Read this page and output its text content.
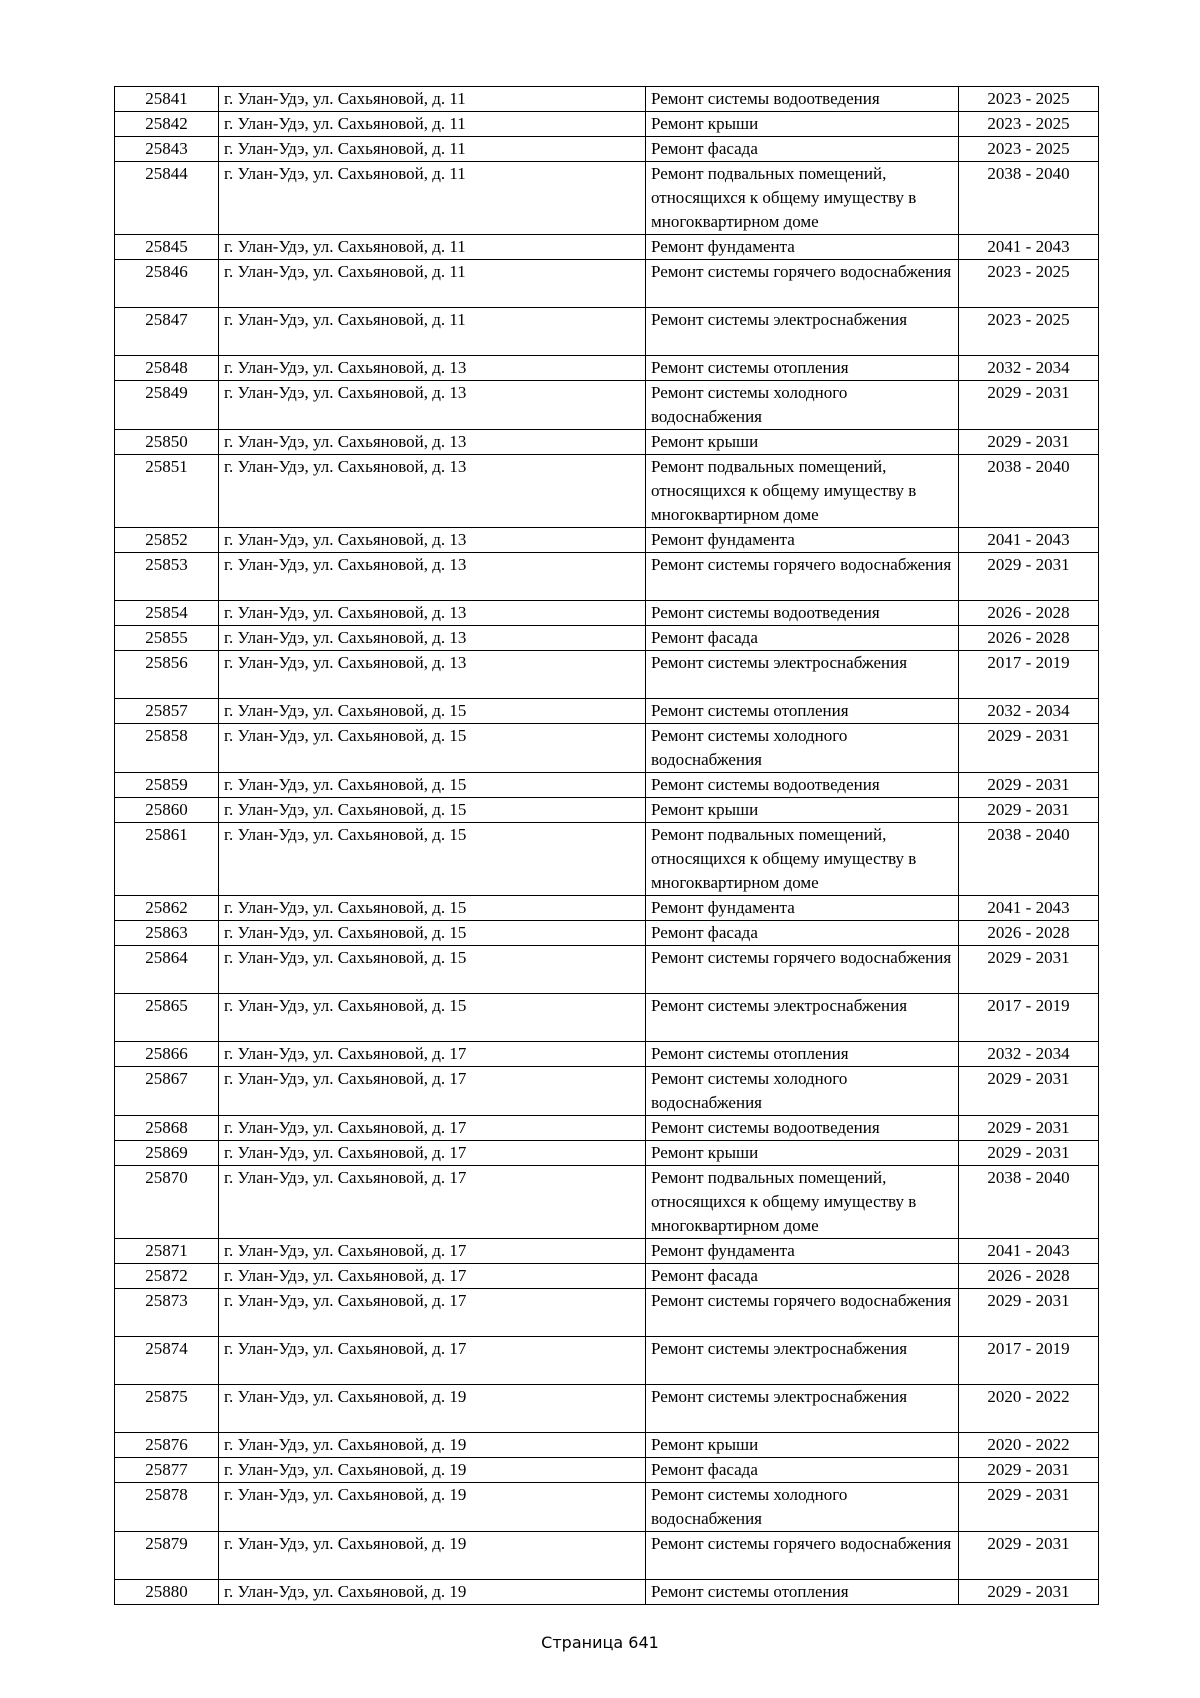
25841	г. Улан-Удэ, ул. Сахьяновой, д. 11	Ремонт системы водоотведения	2023 - 2025
25842	г. Улан-Удэ, ул. Сахьяновой, д. 11	Ремонт крыши	2023 - 2025
25843	г. Улан-Удэ, ул. Сахьяновой, д. 11	Ремонт фасада	2023 - 2025
25844	г. Улан-Удэ, ул. Сахьяновой, д. 11	Ремонт подвальных помещений, относящихся к общему имуществу в многоквартирном доме	2038 - 2040
25845	г. Улан-Удэ, ул. Сахьяновой, д. 11	Ремонт фундамента	2041 - 2043
25846	г. Улан-Удэ, ул. Сахьяновой, д. 11	Ремонт системы горячего водоснабжения	2023 - 2025
25847	г. Улан-Удэ, ул. Сахьяновой, д. 11	Ремонт системы электроснабжения	2023 - 2025
25848	г. Улан-Удэ, ул. Сахьяновой, д. 13	Ремонт системы отопления	2032 - 2034
25849	г. Улан-Удэ, ул. Сахьяновой, д. 13	Ремонт системы холодного водоснабжения	2029 - 2031
25850	г. Улан-Удэ, ул. Сахьяновой, д. 13	Ремонт крыши	2029 - 2031
25851	г. Улан-Удэ, ул. Сахьяновой, д. 13	Ремонт подвальных помещений, относящихся к общему имуществу в многоквартирном доме	2038 - 2040
25852	г. Улан-Удэ, ул. Сахьяновой, д. 13	Ремонт фундамента	2041 - 2043
25853	г. Улан-Удэ, ул. Сахьяновой, д. 13	Ремонт системы горячего водоснабжения	2029 - 2031
25854	г. Улан-Удэ, ул. Сахьяновой, д. 13	Ремонт системы водоотведения	2026 - 2028
25855	г. Улан-Удэ, ул. Сахьяновой, д. 13	Ремонт фасада	2026 - 2028
25856	г. Улан-Удэ, ул. Сахьяновой, д. 13	Ремонт системы электроснабжения	2017 - 2019
25857	г. Улан-Удэ, ул. Сахьяновой, д. 15	Ремонт системы отопления	2032 - 2034
25858	г. Улан-Удэ, ул. Сахьяновой, д. 15	Ремонт системы холодного водоснабжения	2029 - 2031
25859	г. Улан-Удэ, ул. Сахьяновой, д. 15	Ремонт системы водоотведения	2029 - 2031
25860	г. Улан-Удэ, ул. Сахьяновой, д. 15	Ремонт крыши	2029 - 2031
25861	г. Улан-Удэ, ул. Сахьяновой, д. 15	Ремонт подвальных помещений, относящихся к общему имуществу в многоквартирном доме	2038 - 2040
25862	г. Улан-Удэ, ул. Сахьяновой, д. 15	Ремонт фундамента	2041 - 2043
25863	г. Улан-Удэ, ул. Сахьяновой, д. 15	Ремонт фасада	2026 - 2028
25864	г. Улан-Удэ, ул. Сахьяновой, д. 15	Ремонт системы горячего водоснабжения	2029 - 2031
25865	г. Улан-Удэ, ул. Сахьяновой, д. 15	Ремонт системы электроснабжения	2017 - 2019
25866	г. Улан-Удэ, ул. Сахьяновой, д. 17	Ремонт системы отопления	2032 - 2034
25867	г. Улан-Удэ, ул. Сахьяновой, д. 17	Ремонт системы холодного водоснабжения	2029 - 2031
25868	г. Улан-Удэ, ул. Сахьяновой, д. 17	Ремонт системы водоотведения	2029 - 2031
25869	г. Улан-Удэ, ул. Сахьяновой, д. 17	Ремонт крыши	2029 - 2031
25870	г. Улан-Удэ, ул. Сахьяновой, д. 17	Ремонт подвальных помещений, относящихся к общему имуществу в многоквартирном доме	2038 - 2040
25871	г. Улан-Удэ, ул. Сахьяновой, д. 17	Ремонт фундамента	2041 - 2043
25872	г. Улан-Удэ, ул. Сахьяновой, д. 17	Ремонт фасада	2026 - 2028
25873	г. Улан-Удэ, ул. Сахьяновой, д. 17	Ремонт системы горячего водоснабжения	2029 - 2031
25874	г. Улан-Удэ, ул. Сахьяновой, д. 17	Ремонт системы электроснабжения	2017 - 2019
25875	г. Улан-Удэ, ул. Сахьяновой, д. 19	Ремонт системы электроснабжения	2020 - 2022
25876	г. Улан-Удэ, ул. Сахьяновой, д. 19	Ремонт крыши	2020 - 2022
25877	г. Улан-Удэ, ул. Сахьяновой, д. 19	Ремонт фасада	2029 - 2031
25878	г. Улан-Удэ, ул. Сахьяновой, д. 19	Ремонт системы холодного водоснабжения	2029 - 2031
25879	г. Улан-Удэ, ул. Сахьяновой, д. 19	Ремонт системы горячего водоснабжения	2029 - 2031
25880	г. Улан-Удэ, ул. Сахьяновой, д. 19	Ремонт системы отопления	2029 - 2031
Страница 641
